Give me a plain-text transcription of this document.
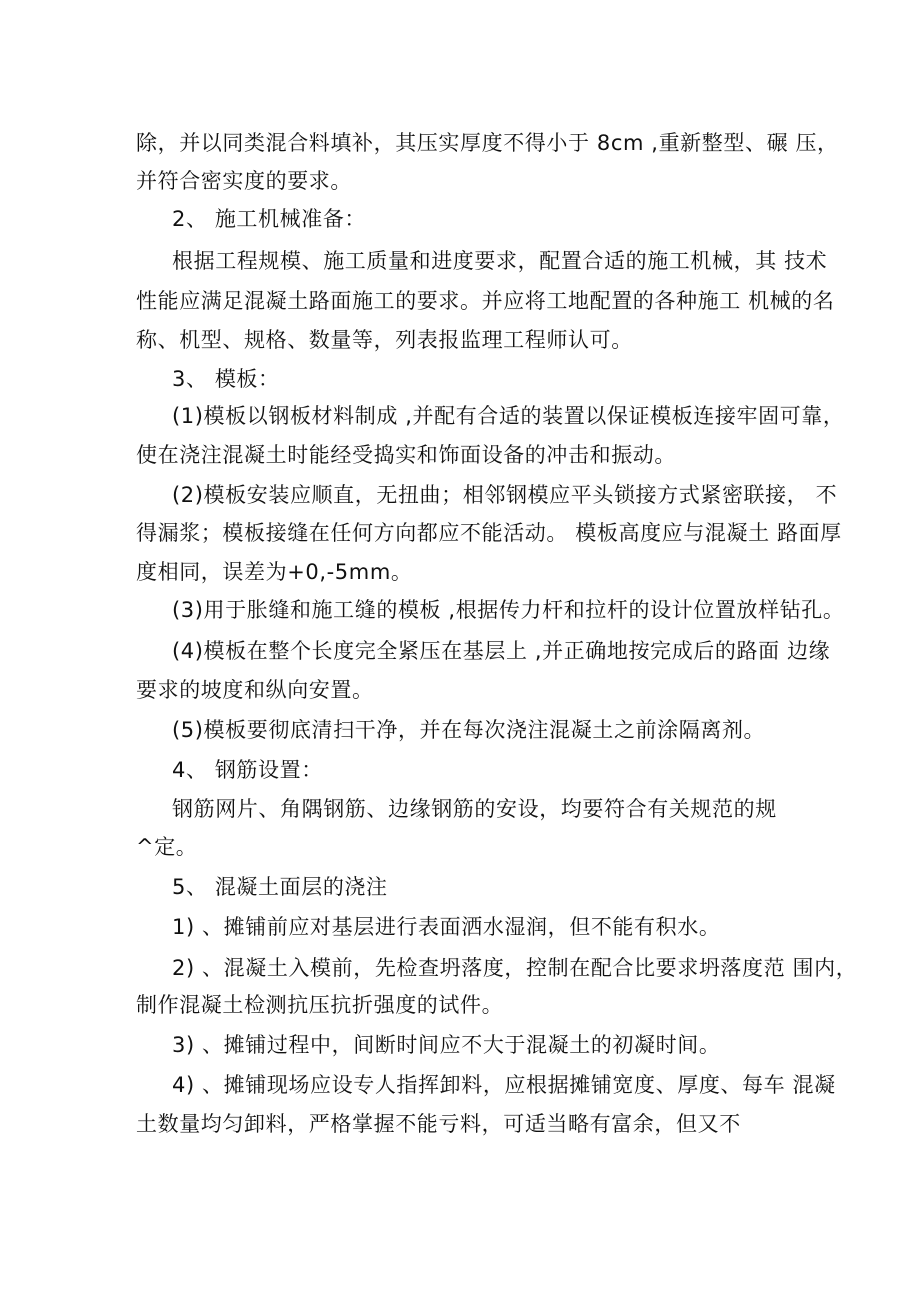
除，并以同类混合料填补，其压实厚度不得小于 8cm ,重新整型、碾 压，
并符合密实度的要求。
2、 施工机械准备：
根据工程规模、施工质量和进度要求，配置合适的施工机械，其 技术
性能应满足混凝土路面施工的要求。并应将工地配置的各种施工 机械的名
称、机型、规格、数量等，列表报监理工程师认可。
3、 模板：
(1)模板以钢板材料制成 ,并配有合适的装置以保证模板连接牢固可靠，
使在浇注混凝土时能经受捣实和饰面设备的冲击和振动。
(2)模板安装应顺直，无扭曲；相邻钢模应平头锁接方式紧密联接， 不
得漏浆；模板接缝在任何方向都应不能活动。 模板高度应与混凝土 路面厚
度相同，误差为+0,-5mm。
(3)用于胀缝和施工缝的模板 ,根据传力杆和拉杆的设计位置放样钻孔。
(4)模板在整个长度完全紧压在基层上 ,并正确地按完成后的路面 边缘
要求的坡度和纵向安置。
(5)模板要彻底清扫干净，并在每次浇注混凝土之前涂隔离剂。
4、 钢筋设置：
钢筋网片、角隅钢筋、边缘钢筋的安设，均要符合有关规范的规
^定。
5、 混凝土面层的浇注
1) 、摊铺前应对基层进行表面洒水湿润，但不能有积水。
2) 、混凝土入模前，先检查坍落度，控制在配合比要求坍落度范 围内，
制作混凝土检测抗压抗折强度的试件。
3) 、摊铺过程中，间断时间应不大于混凝土的初凝时间。
4) 、摊铺现场应设专人指挥卸料，应根据摊铺宽度、厚度、每车 混凝
土数量均匀卸料，严格掌握不能亏料，可适当略有富余，但又不
